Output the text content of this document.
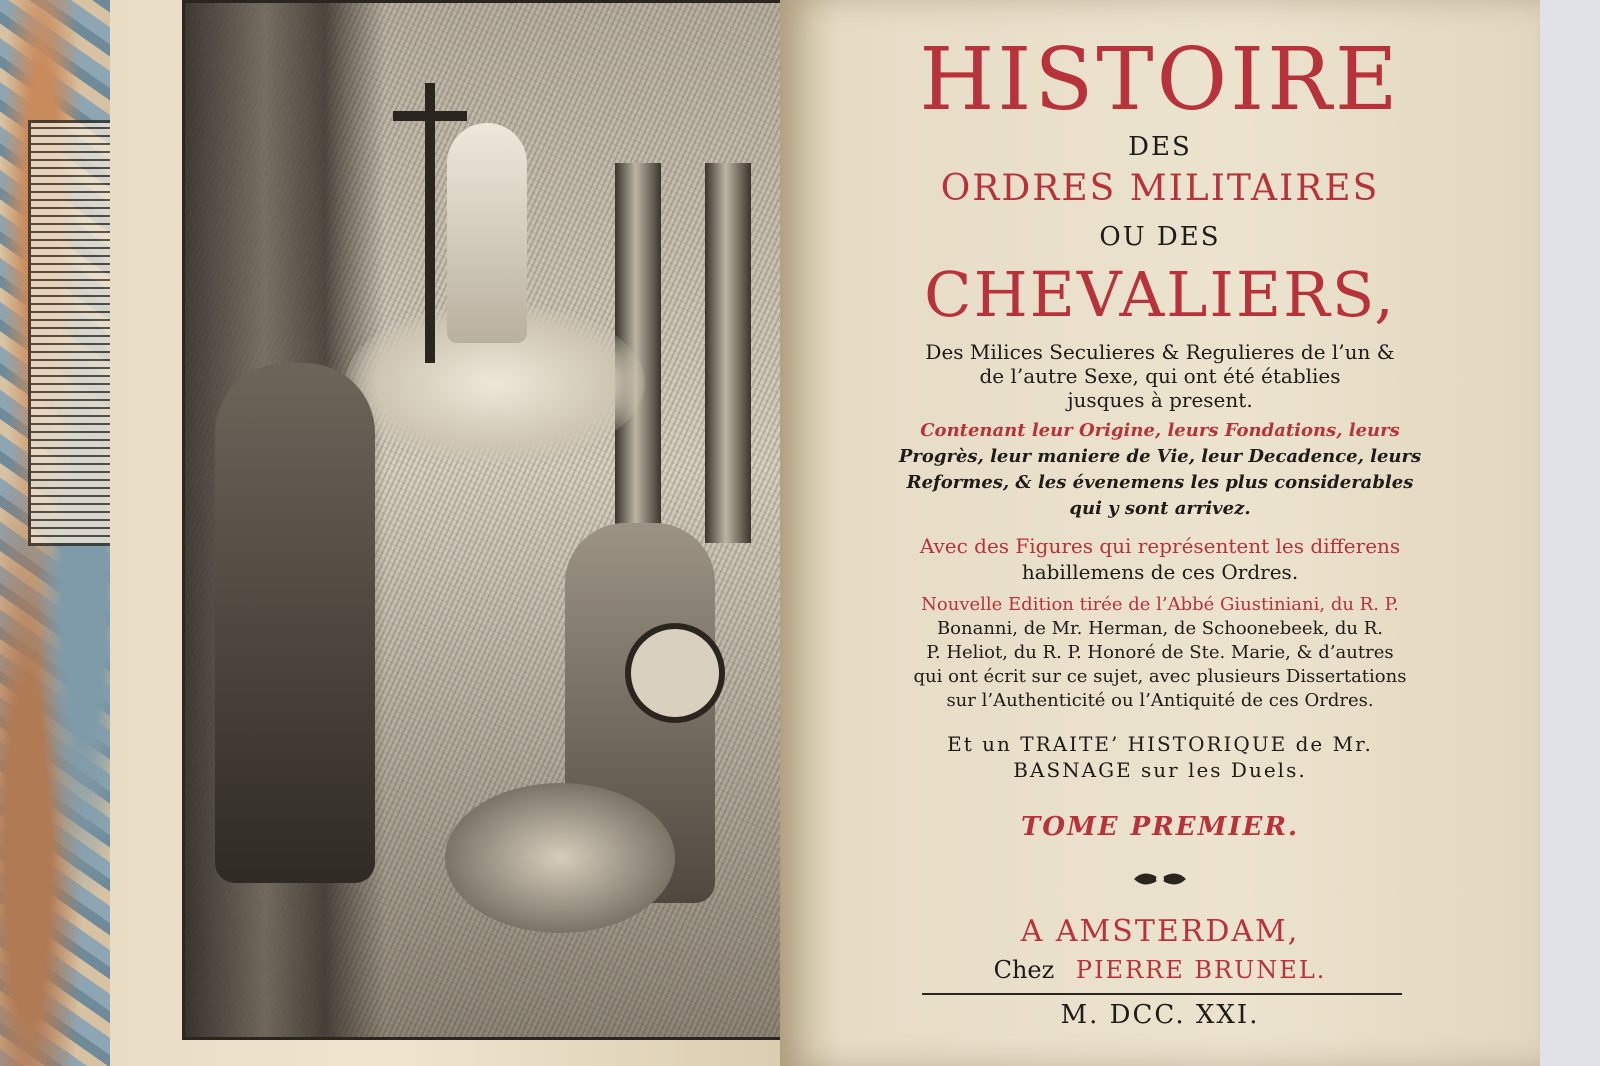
HISTOIRE
DES
ORDRES MILITAIRES
OU DES
CHEVALIERS,
Des Milices Seculieres & Regulieres de l’un &
de l’autre Sexe, qui ont été établies
jusques à present.
Contenant leur Origine, leurs Fondations, leurs
Progrès, leur maniere de Vie, leur Decadence, leurs
Reformes, & les évenemens les plus considerables
qui y sont arrivez.
Avec des Figures qui représentent les differens
habillemens de ces Ordres.
Nouvelle Edition tirée de l’Abbé Giustiniani, du R. P.
Bonanni, de Mr. Herman, de Schoonebeek, du R.
P. Heliot, du R. P. Honoré de Ste. Marie, & d’autres
qui ont écrit sur ce sujet, avec plusieurs Dissertations
sur l’Authenticité ou l’Antiquité de ces Ordres.
Et un TRAITE’ HISTORIQUE de Mr.
BASNAGE sur les Duels.
TOME PREMIER.
A AMSTERDAM,
Chez PIERRE BRUNEL.
M. DCC. XXI.
